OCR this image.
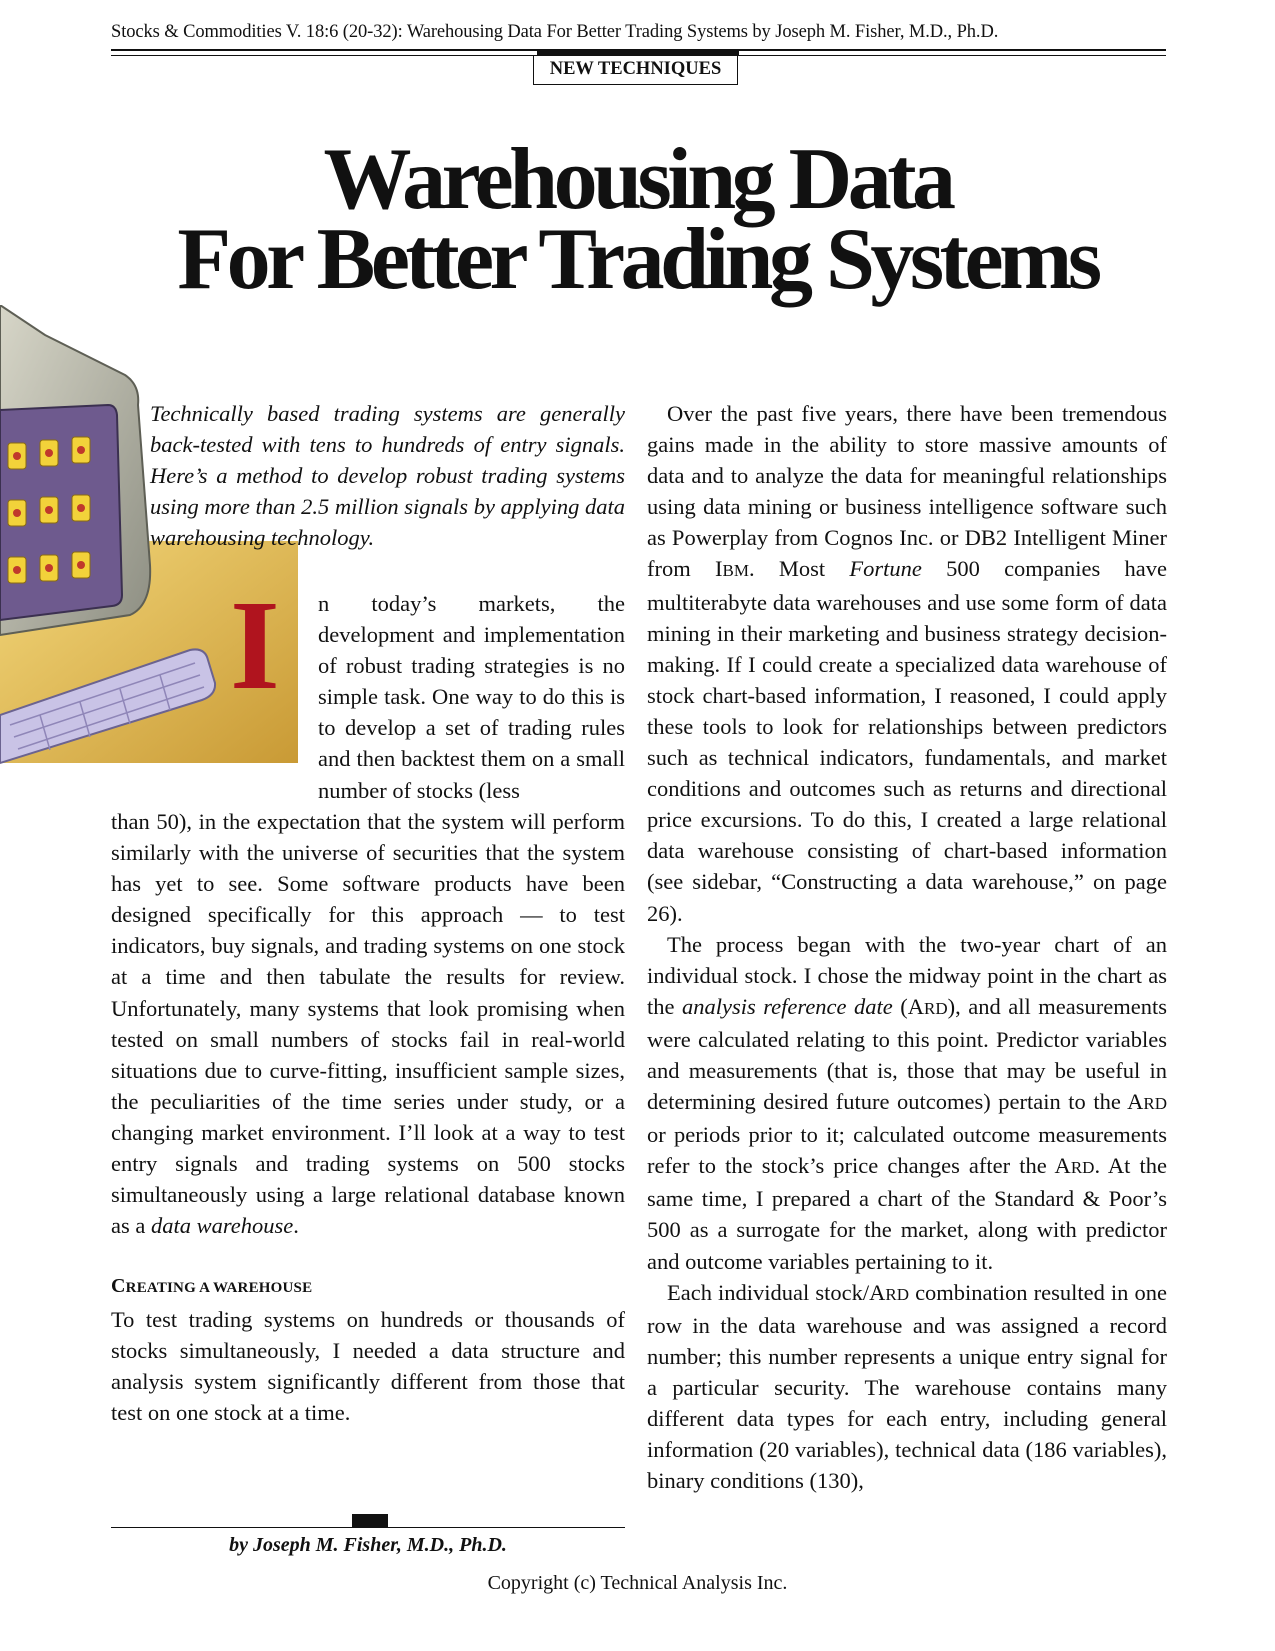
Stocks & Commodities V. 18:6 (20-32): Warehousing Data For Better Trading Systems by Joseph M. Fisher, M.D., Ph.D.
NEW TECHNIQUES
Warehousing Data
For Better Trading Systems

Technically based trading systems are generally back-tested with tens to hundreds of entry signals. Here’s a method to develop robust trading systems using more than 2.5 million signals by applying data warehousing technology.

I n today’s markets, the development and implementation of robust trading strategies is no simple task. One way to do this is to develop a set of trading rules and then backtest them on a small number of stocks (less

than 50), in the expectation that the system will perform similarly with the universe of securities that the system has yet to see. Some software products have been designed specifically for this approach — to test indicators, buy signals, and trading systems on one stock at a time and then tabulate the results for review. Unfortunately, many systems that look promising when tested on small numbers of stocks fail in real-world situations due to curve-fitting, insufficient sample sizes, the peculiarities of the time series under study, or a changing market environment. I’ll look at a way to test entry signals and trading systems on 500 stocks simultaneously using a large relational database known as a data warehouse.

CREATING A WAREHOUSE

To test trading systems on hundreds or thousands of stocks simultaneously, I needed a data structure and analysis system significantly different from those that test on one stock at a time.

by Joseph M. Fisher, M.D., Ph.D.

Over the past five years, there have been tremendous gains made in the ability to store massive amounts of data and to analyze the data for meaningful relationships using data mining or business intelligence software such as Powerplay from Cognos Inc. or DB2 Intelligent Miner from IBM. Most Fortune 500 companies have multiterabyte data warehouses and use some form of data mining in their marketing and business strategy decision-making. If I could create a specialized data warehouse of stock chart-based information, I reasoned, I could apply these tools to look for relationships between predictors such as technical indicators, fundamentals, and market conditions and outcomes such as returns and directional price excursions. To do this, I created a large relational data warehouse consisting of chart-based information (see sidebar, “Constructing a data warehouse,” on page 26).

The process began with the two-year chart of an individual stock. I chose the midway point in the chart as the analysis reference date (ARD), and all measurements were calculated relating to this point. Predictor variables and measurements (that is, those that may be useful in determining desired future outcomes) pertain to the ARD or periods prior to it; calculated outcome measurements refer to the stock’s price changes after the ARD. At the same time, I prepared a chart of the Standard & Poor’s 500 as a surrogate for the market, along with predictor and outcome variables pertaining to it.

Each individual stock/ARD combination resulted in one row in the data warehouse and was assigned a record number; this number represents a unique entry signal for a particular security. The warehouse contains many different data types for each entry, including general information (20 variables), technical data (186 variables), binary conditions (130),

Copyright (c) Technical Analysis Inc.
